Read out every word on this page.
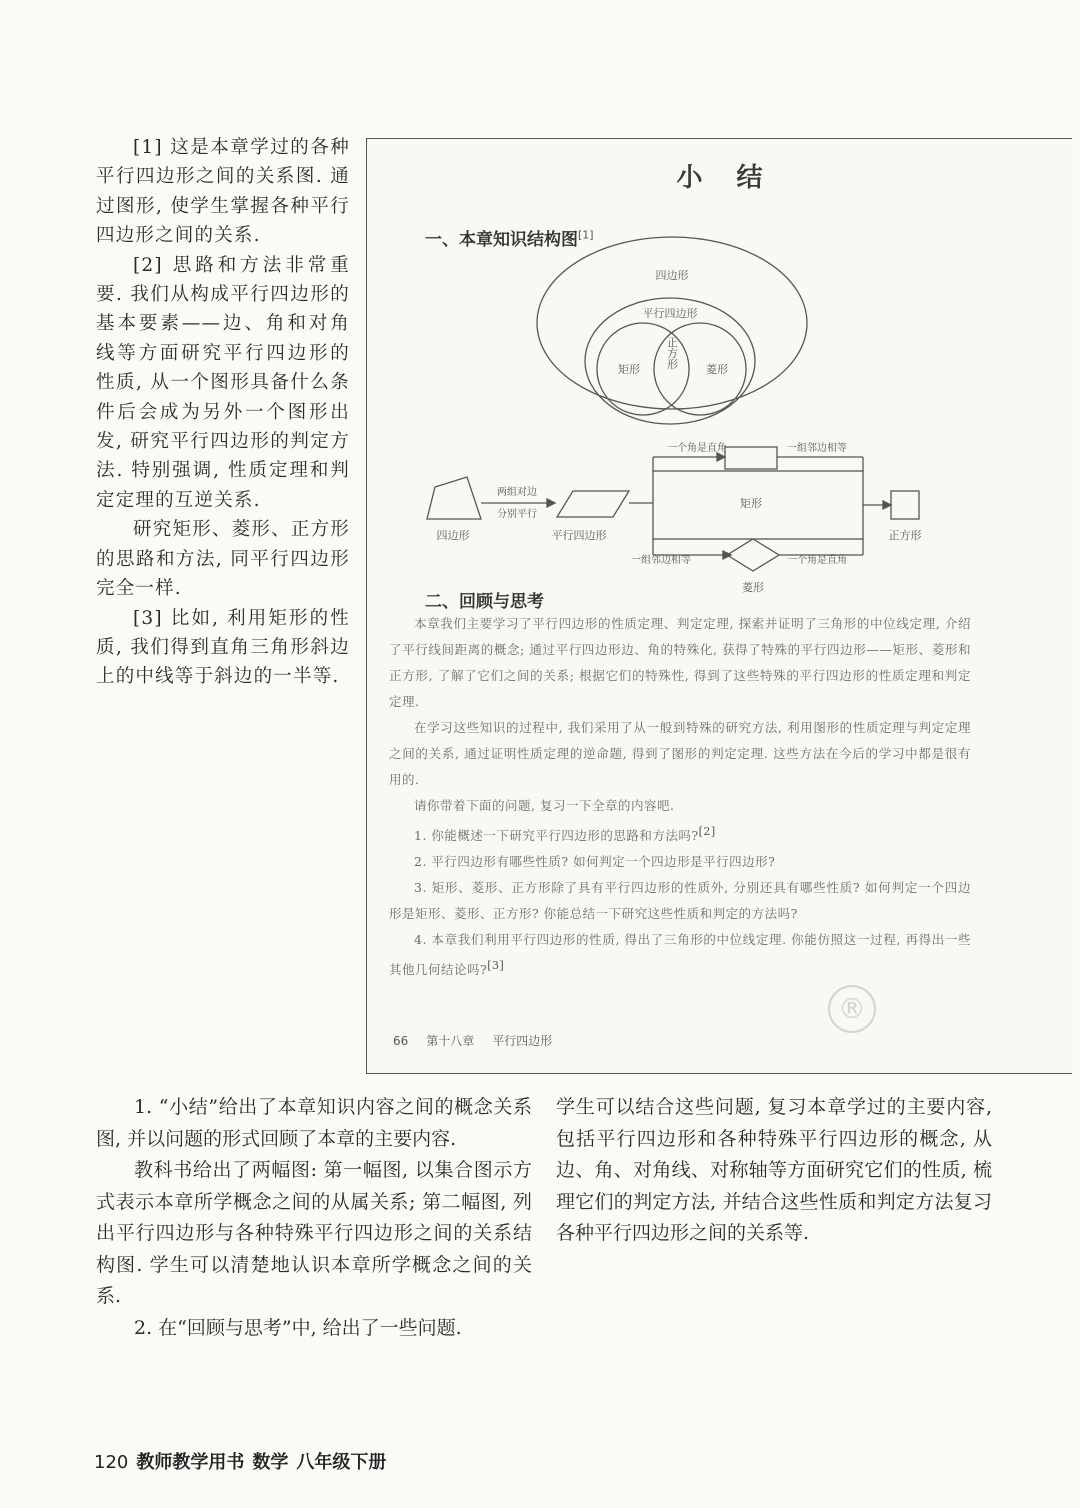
[1] 这是本章学过的各种平行四边形之间的关系图. 通过图形, 使学生掌握各种平行四边形之间的关系.

[2] 思路和方法非常重要. 我们从构成平行四边形的基本要素——边、角和对角线等方面研究平行四边形的性质, 从一个图形具备什么条件后会成为另外一个图形出发, 研究平行四边形的判定方法. 特别强调, 性质定理和判定定理的互逆关系.

研究矩形、菱形、正方形的思路和方法, 同平行四边形完全一样.

[3] 比如, 利用矩形的性质, 我们得到直角三角形斜边上的中线等于斜边的一半等.

小结
一、本章知识结构图[1]
四边形
平行四边形
矩形	菱形
正方形
四边形
两组对边
分别平行
平行四边形
一个角是直角	一组邻边相等
矩形
一组邻边相等	一个角是直角
菱形
正方形
二、回顾与思考

本章我们主要学习了平行四边形的性质定理、判定定理, 探索并证明了三角形的中位线定理, 介绍了平行线间距离的概念; 通过平行四边形边、角的特殊化, 获得了特殊的平行四边形——矩形、菱形和正方形, 了解了它们之间的关系; 根据它们的特殊性, 得到了这些特殊的平行四边形的性质定理和判定定理.

在学习这些知识的过程中, 我们采用了从一般到特殊的研究方法, 利用图形的性质定理与判定定理之间的关系, 通过证明性质定理的逆命题, 得到了图形的判定定理. 这些方法在今后的学习中都是很有用的.

请你带着下面的问题, 复习一下全章的内容吧.

1. 你能概述一下研究平行四边形的思路和方法吗?[2]

2. 平行四边形有哪些性质? 如何判定一个四边形是平行四边形?

3. 矩形、菱形、正方形除了具有平行四边形的性质外, 分别还具有哪些性质? 如何判定一个四边形是矩形、菱形、正方形? 你能总结一下研究这些性质和判定的方法吗?

4. 本章我们利用平行四边形的性质, 得出了三角形的中位线定理. 你能仿照这一过程, 再得出一些其他几何结论吗?[3]

66 第十八章 平行四边形
®

1. “小结”给出了本章知识内容之间的概念关系图, 并以问题的形式回顾了本章的主要内容.

教科书给出了两幅图: 第一幅图, 以集合图示方式表示本章所学概念之间的从属关系; 第二幅图, 列出平行四边形与各种特殊平行四边形之间的关系结构图. 学生可以清楚地认识本章所学概念之间的关系.

2. 在“回顾与思考”中, 给出了一些问题.

学生可以结合这些问题, 复习本章学过的主要内容, 包括平行四边形和各种特殊平行四边形的概念, 从边、角、对角线、对称轴等方面研究它们的性质, 梳理它们的判定方法, 并结合这些性质和判定方法复习各种平行四边形之间的关系等.

120 教师教学用书 数学 八年级下册
